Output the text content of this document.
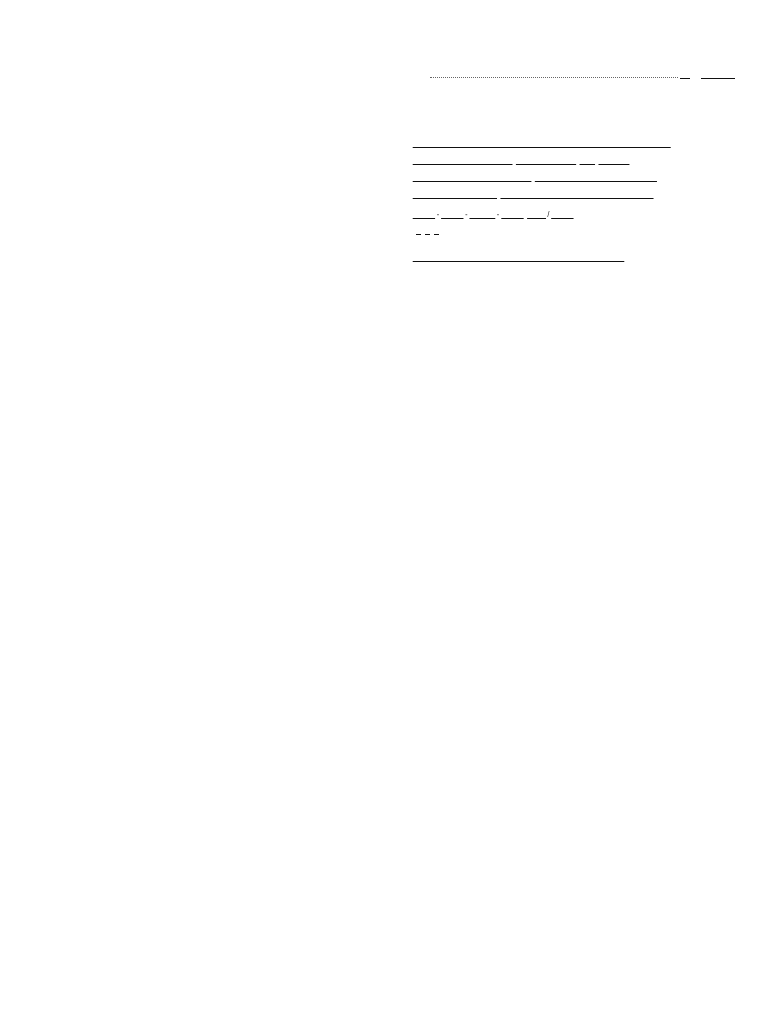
-	-	-	/
